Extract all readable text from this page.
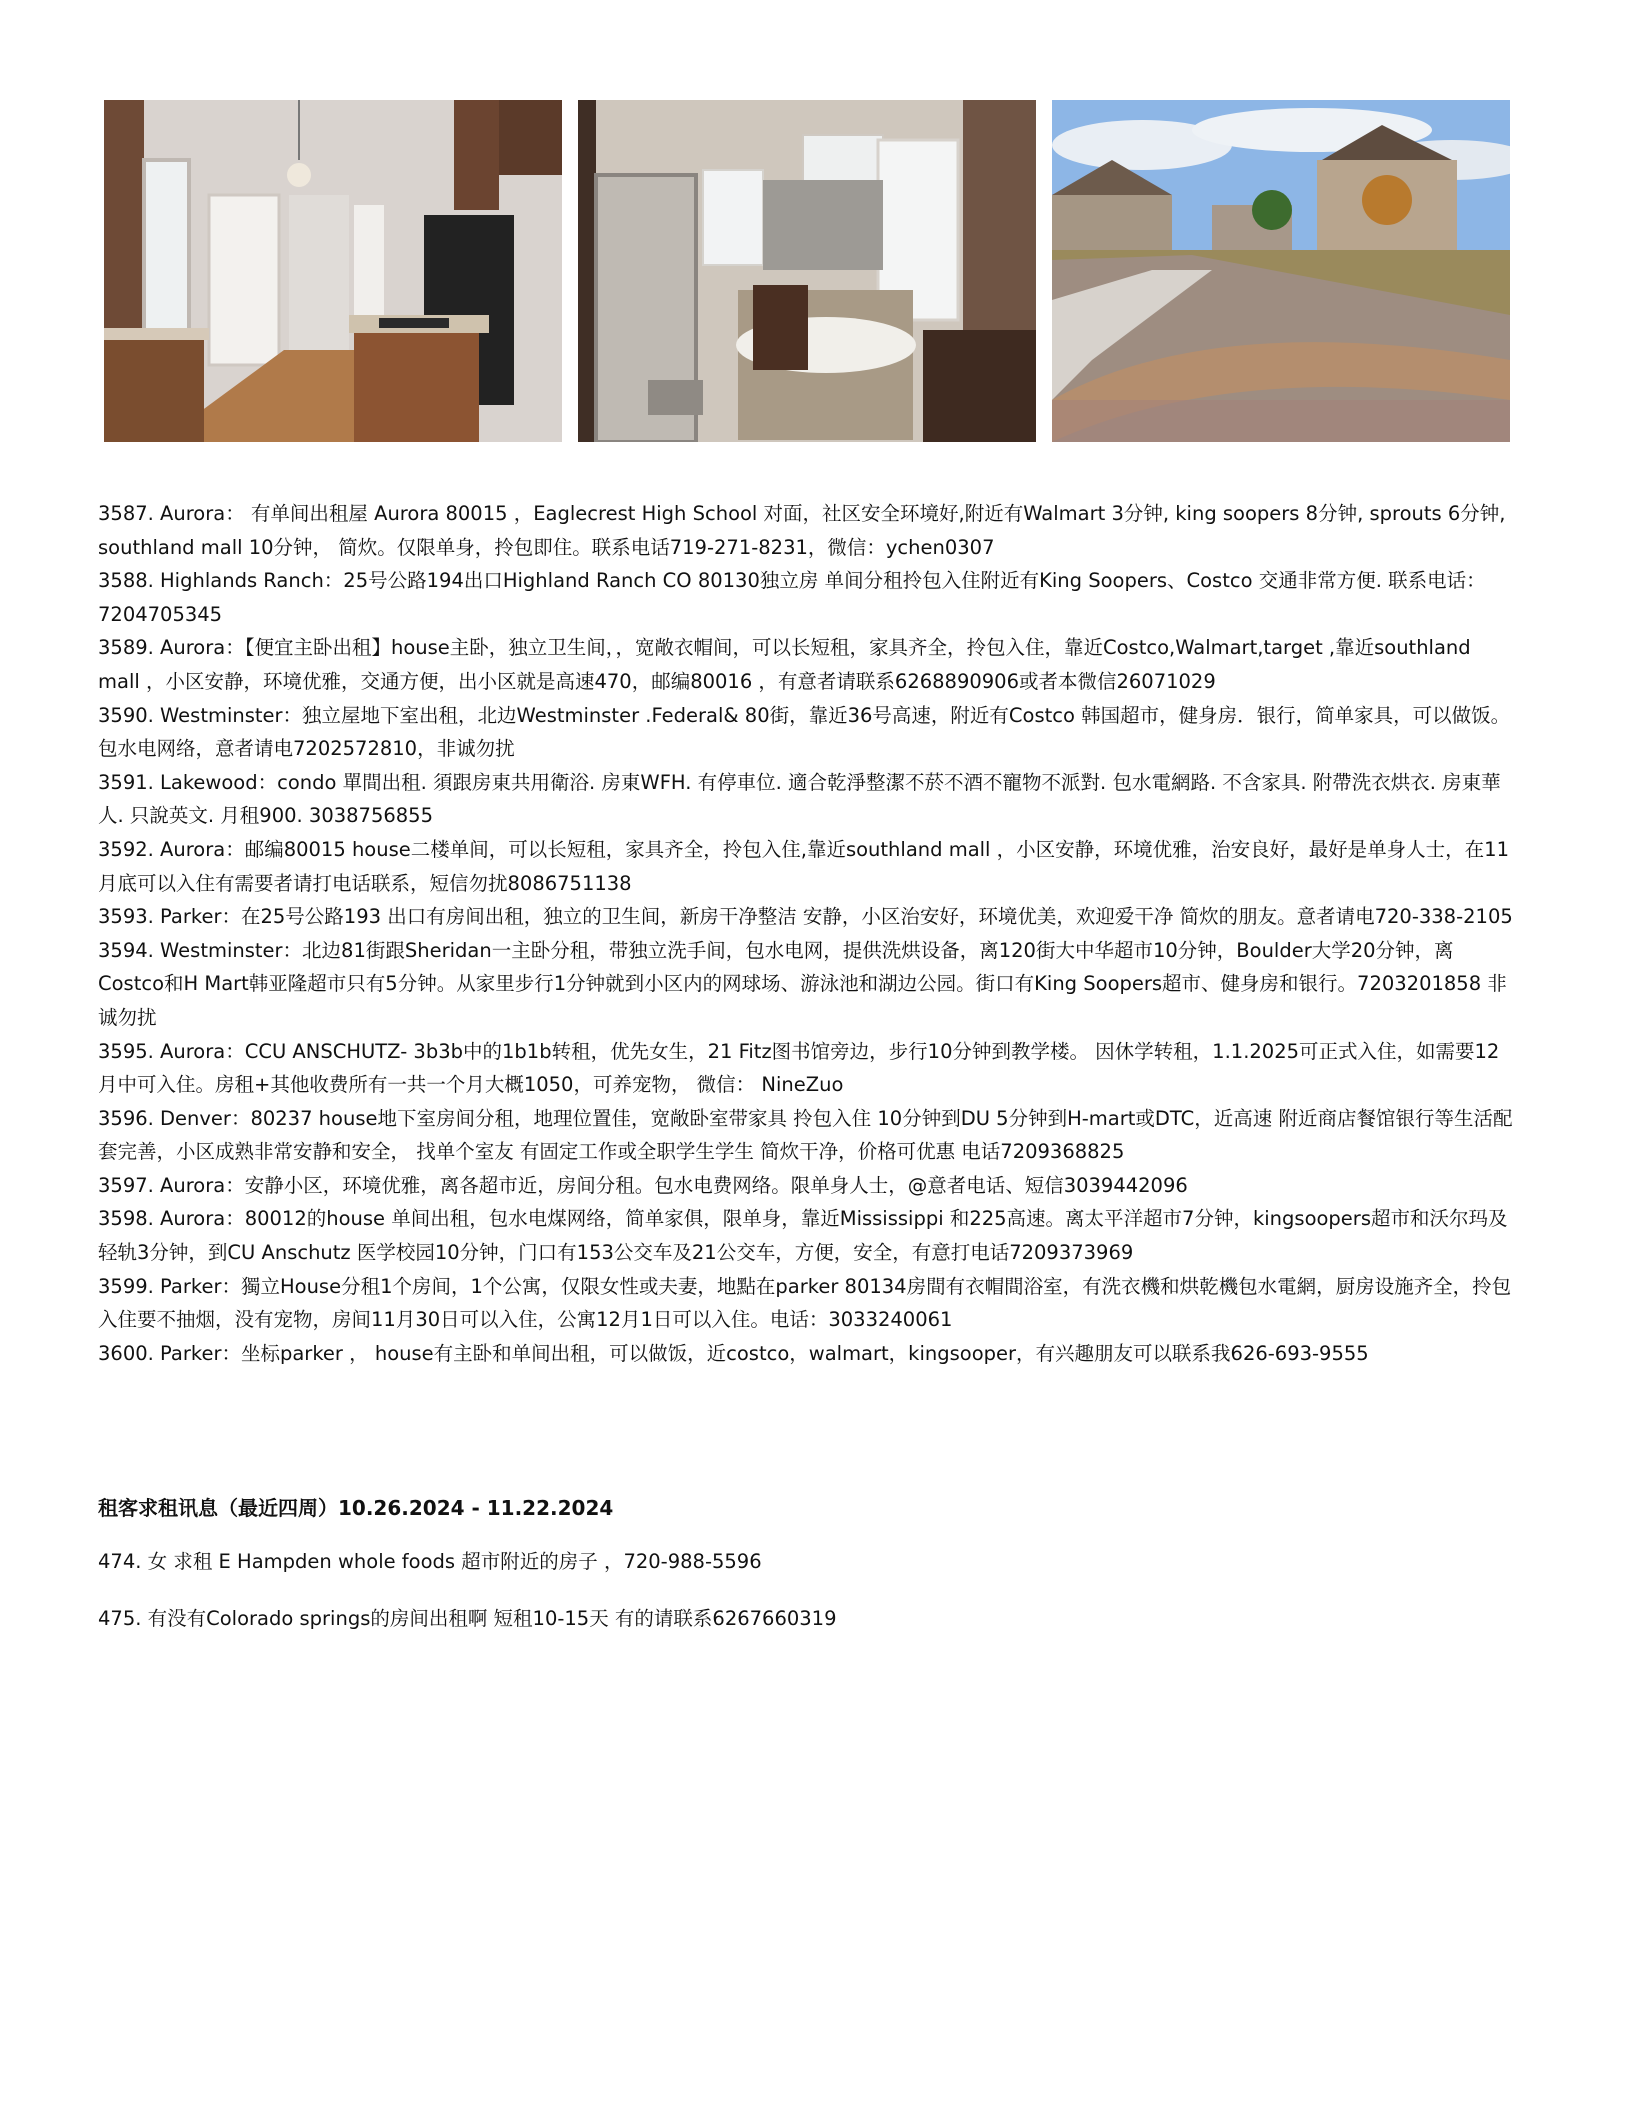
3587. Aurora： 有单间出租屋 Aurora 80015 ，Eaglecrest High School 对面，社区安全环境好,附近有Walmart 3分钟, king soopers 8分钟, sprouts 6分钟, southland mall 10分钟， 简炊。仅限单身，拎包即住。联系电话719-271-8231，微信：ychen0307

3588. Highlands Ranch：25号公路194出口Highland Ranch CO 80130独立房 单间分租拎包入住附近有King Soopers、Costco 交通非常方便. 联系电话：7204705345

3589. Aurora：【便宜主卧出租】house主卧，独立卫生间，，宽敞衣帽间，可以长短租，家具齐全，拎包入住，靠近Costco,Walmart,target ,靠近southland mall ，小区安静，环境优雅，交通方便，出小区就是高速470，邮编80016 ，有意者请联系6268890906或者本微信26071029

3590. Westminster：独立屋地下室出租，北边Westminster .Federal& 80街，靠近36号高速，附近有Costco 韩国超市，健身房．银行，简单家具，可以做饭。包水电网络，意者请电7202572810，非诚勿扰

3591. Lakewood：condo 單間出租. 須跟房東共用衛浴. 房東WFH. 有停車位. 適合乾淨整潔不菸不酒不寵物不派對. 包水電網路. 不含家具. 附帶洗衣烘衣. 房東華人. 只說英文. 月租900. 3038756855

3592. Aurora：邮编80015 house二楼单间，可以长短租，家具齐全，拎包入住,靠近southland mall ，小区安静，环境优雅，治安良好，最好是单身人士，在11月底可以入住有需要者请打电话联系，短信勿扰8086751138

3593. Parker：在25号公路193 出口有房间出租，独立的卫生间，新房干净整洁 安静，小区治安好，环境优美，欢迎爱干净 简炊的朋友。意者请电720-338-2105

3594. Westminster：北边81街跟Sheridan一主卧分租，带独立洗手间，包水电网，提供洗烘设备，离120街大中华超市10分钟，Boulder大学20分钟，离Costco和H Mart韩亚隆超市只有5分钟。从家里步行1分钟就到小区内的网球场、游泳池和湖边公园。街口有King Soopers超市、健身房和银行。7203201858 非诚勿扰

3595. Aurora：CCU ANSCHUTZ- 3b3b中的1b1b转租，优先女生，21 Fitz图书馆旁边，步行10分钟到教学楼。 因休学转租，1.1.2025可正式入住，如需要12月中可入住。房租+其他收费所有一共一个月大概1050，可养宠物， 微信： NineZuo

3596. Denver：80237 house地下室房间分租，地理位置佳，宽敞卧室带家具 拎包入住 10分钟到DU 5分钟到H-mart或DTC，近高速 附近商店餐馆银行等生活配套完善，小区成熟非常安静和安全， 找单个室友 有固定工作或全职学生学生 简炊干净，价格可优惠 电话7209368825

3597. Aurora：安静小区，环境优雅，离各超市近，房间分租。包水电费网络。限单身人士，@意者电话、短信3039442096

3598. Aurora：80012的house 单间出租，包水电煤网络，简单家俱，限单身，靠近Mississippi 和225高速。离太平洋超市7分钟，kingsoopers超市和沃尔玛及轻轨3分钟，到CU Anschutz 医学校园10分钟，门口有153公交车及21公交车，方便，安全，有意打电话7209373969

3599. Parker：獨立House分租1个房间，1个公寓，仅限女性或夫妻，地點在parker 80134房間有衣帽間浴室，有洗衣機和烘乾機包水電網，厨房设施齐全，拎包入住要不抽烟，没有宠物，房间11月30日可以入住，公寓12月1日可以入住。电话：3033240061

3600. Parker：坐标parker ， house有主卧和单间出租，可以做饭，近costco，walmart，kingsooper，有兴趣朋友可以联系我626-693-9555

租客求租讯息（最近四周）10.26.2024 - 11.22.2024

474. 女 求租 E Hampden whole foods 超市附近的房子 ，720-988-5596

475. 有没有Colorado springs的房间出租啊 短租10-15天 有的请联系6267660319
